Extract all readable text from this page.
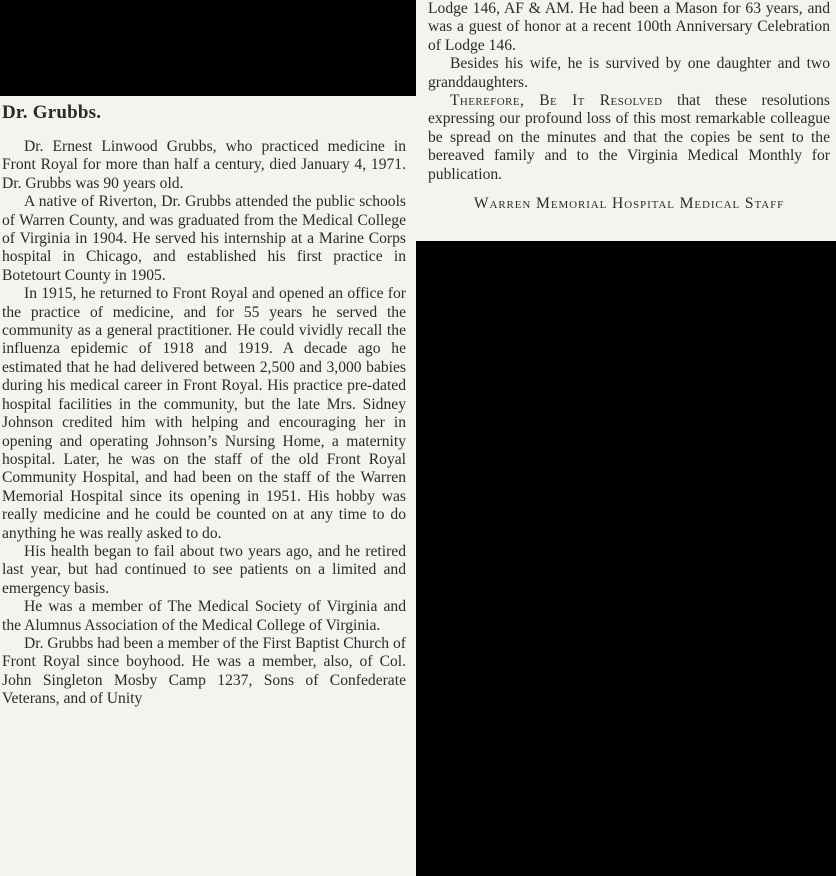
Dr. Grubbs.

Dr. Ernest Linwood Grubbs, who practiced medicine in Front Royal for more than half a century, died January 4, 1971. Dr. Grubbs was 90 years old.

A native of Riverton, Dr. Grubbs attended the public schools of Warren County, and was graduated from the Medical College of Virginia in 1904. He served his internship at a Marine Corps hospital in Chicago, and established his first practice in Botetourt County in 1905.

In 1915, he returned to Front Royal and opened an office for the practice of medicine, and for 55 years he served the community as a general practitioner. He could vividly recall the influenza epidemic of 1918 and 1919. A decade ago he estimated that he had delivered between 2,500 and 3,000 babies during his medical career in Front Royal. His practice pre-dated hospital facilities in the community, but the late Mrs. Sidney Johnson credited him with helping and encouraging her in opening and operating Johnson’s Nursing Home, a maternity hospital. Later, he was on the staff of the old Front Royal Community Hospital, and had been on the staff of the Warren Memorial Hospital since its opening in 1951. His hobby was really medicine and he could be counted on at any time to do anything he was really asked to do.

His health began to fail about two years ago, and he retired last year, but had continued to see patients on a limited and emergency basis.

He was a member of The Medical Society of Virginia and the Alumnus Association of the Medical College of Virginia.

Dr. Grubbs had been a member of the First Baptist Church of Front Royal since boyhood. He was a member, also, of Col. John Singleton Mosby Camp 1237, Sons of Confederate Veterans, and of Unity

Lodge 146, AF & AM. He had been a Mason for 63 years, and was a guest of honor at a recent 100th Anniversary Celebration of Lodge 146.

Besides his wife, he is survived by one daughter and two granddaughters.

Therefore, Be It Resolved that these resolutions expressing our profound loss of this most remarkable colleague be spread on the minutes and that the copies be sent to the bereaved family and to the Virginia Medical Monthly for publication.

Warren Memorial Hospital Medical Staff
